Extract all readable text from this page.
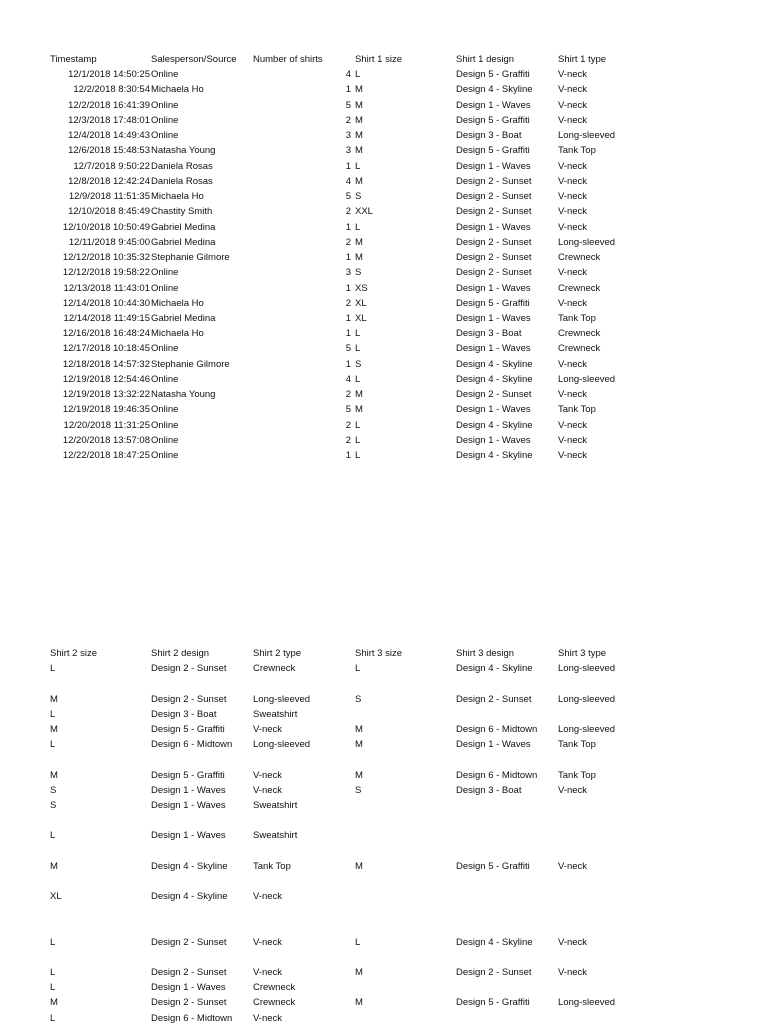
Timestamp	Salesperson/Source	Number of shirts	Shirt 1 size	Shirt 1 design	Shirt 1 type
12/1/2018 14:50:25 Online	4 L	Design 5 - Graffiti	V-neck
12/2/2018 8:30:54 Michaela Ho	1 M	Design 4 - Skyline	V-neck
12/2/2018 16:41:39 Online	5 M	Design 1 - Waves	V-neck
12/3/2018 17:48:01 Online	2 M	Design 5 - Graffiti	V-neck
12/4/2018 14:49:43 Online	3 M	Design 3 - Boat	Long-sleeved
12/6/2018 15:48:53 Natasha Young	3 M	Design 5 - Graffiti	Tank Top
12/7/2018 9:50:22 Daniela Rosas	1 L	Design 1 - Waves	V-neck
12/8/2018 12:42:24 Daniela Rosas	4 M	Design 2 - Sunset	V-neck
12/9/2018 11:51:35 Michaela Ho	5 S	Design 2 - Sunset	V-neck
12/10/2018 8:45:49 Chastity Smith	2 XXL	Design 2 - Sunset	V-neck
12/10/2018 10:50:49 Gabriel Medina	1 L	Design 1 - Waves	V-neck
12/11/2018 9:45:00 Gabriel Medina	2 M	Design 2 - Sunset	Long-sleeved
12/12/2018 10:35:32 Stephanie Gilmore	1 M	Design 2 - Sunset	Crewneck
12/12/2018 19:58:22 Online	3 S	Design 2 - Sunset	V-neck
12/13/2018 11:43:01 Online	1 XS	Design 1 - Waves	Crewneck
12/14/2018 10:44:30 Michaela Ho	2 XL	Design 5 - Graffiti	V-neck
12/14/2018 11:49:15 Gabriel Medina	1 XL	Design 1 - Waves	Tank Top
12/16/2018 16:48:24 Michaela Ho	1 L	Design 3 - Boat	Crewneck
12/17/2018 10:18:45 Online	5 L	Design 1 - Waves	Crewneck
12/18/2018 14:57:32 Stephanie Gilmore	1 S	Design 4 - Skyline	V-neck
12/19/2018 12:54:46 Online	4 L	Design 4 - Skyline	Long-sleeved
12/19/2018 13:32:22 Natasha Young	2 M	Design 2 - Sunset	V-neck
12/19/2018 19:46:35 Online	5 M	Design 1 - Waves	Tank Top
12/20/2018 11:31:25 Online	2 L	Design 4 - Skyline	V-neck
12/20/2018 13:57:08 Online	2 L	Design 1 - Waves	V-neck
12/22/2018 18:47:25 Online	1 L	Design 4 - Skyline	V-neck
Shirt 2 size	Shirt 2 design	Shirt 2 type	Shirt 3 size	Shirt 3 design	Shirt 3 type
L	Design 2 - Sunset	Crewneck	L	Design 4 - Skyline	Long-sleeved
M	Design 2 - Sunset	Long-sleeved	S	Design 2 - Sunset	Long-sleeved
L	Design 3 - Boat	Sweatshirt
M	Design 5 - Graffiti	V-neck	M	Design 6 - Midtown	Long-sleeved
L	Design 6 - Midtown	Long-sleeved	M	Design 1 - Waves	Tank Top
M	Design 5 - Graffiti	V-neck	M	Design 6 - Midtown	Tank Top
S	Design 1 - Waves	V-neck	S	Design 3 - Boat	V-neck
S	Design 1 - Waves	Sweatshirt
L	Design 1 - Waves	Sweatshirt
M	Design 4 - Skyline	Tank Top	M	Design 5 - Graffiti	V-neck
XL	Design 4 - Skyline	V-neck
L	Design 2 - Sunset	V-neck	L	Design 4 - Skyline	V-neck
L	Design 2 - Sunset	V-neck	M	Design 2 - Sunset	V-neck
L	Design 1 - Waves	Crewneck
M	Design 2 - Sunset	Crewneck	M	Design 5 - Graffiti	Long-sleeved
L	Design 6 - Midtown	V-neck
